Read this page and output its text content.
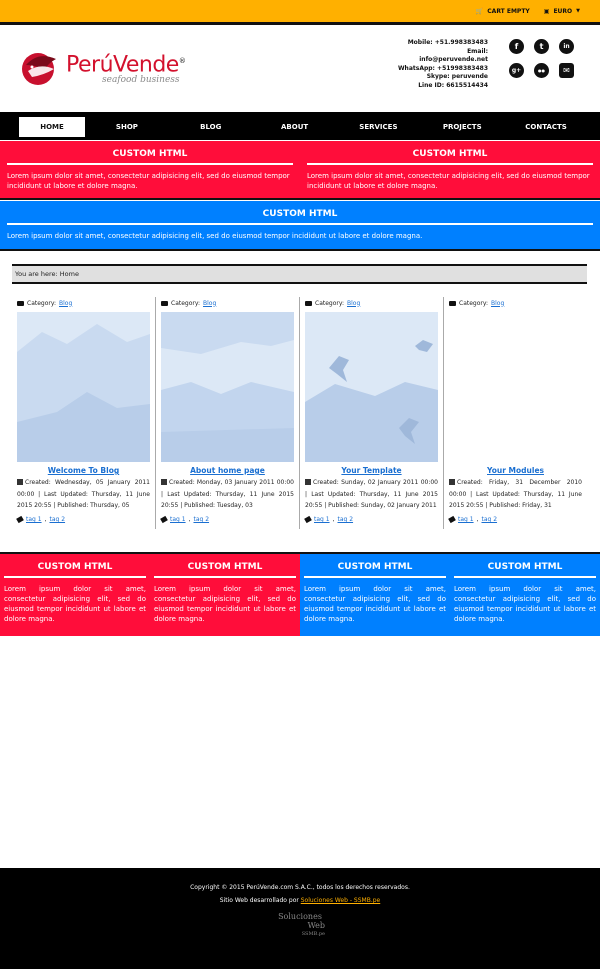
🛒 CART EMPTY ▣ EURO ▼
PerúVende®
seafood business
Mobile: +51.998383483
Email:
info@peruvende.net
WhatsApp: +51998383483
Skype: peruvende
Line ID: 6615514434
f	t	in
g+	●●	✉
HOME	SHOP	BLOG	ABOUT	SERVICES	PROJECTS	CONTACTS
CUSTOM HTML
Lorem ipsum dolor sit amet, consectetur adipisicing elit, sed do eiusmod tempor incididunt ut labore et dolore magna.
CUSTOM HTML
Lorem ipsum dolor sit amet, consectetur adipisicing elit, sed do eiusmod tempor incididunt ut labore et dolore magna.
CUSTOM HTML
Lorem ipsum dolor sit amet, consectetur adipisicing elit, sed do eiusmod tempor incididunt ut labore et dolore magna.
You are here: Home
Category: Blog
Welcome To Blog
Created: Wednesday, 05 January 2011 00:00 | Last Updated: Thursday, 11 June 2015 20:55 | Published: Thursday, 05
tag 1 , tag 2
Category: Blog
About home page
Created: Monday, 03 January 2011 00:00 | Last Updated: Thursday, 11 June 2015 20:55 | Published: Tuesday, 03
tag 1 , tag 2
Category: Blog
Your Template
Created: Sunday, 02 January 2011 00:00 | Last Updated: Thursday, 11 June 2015 20:55 | Published: Sunday, 02 January 2011
tag 1 , tag 2
Category: Blog
Your Modules
Created: Friday, 31 December 2010 00:00 | Last Updated: Thursday, 11 June 2015 20:55 | Published: Friday, 31
tag 1 , tag 2
CUSTOM HTML
Lorem ipsum dolor sit amet, consectetur adipisicing elit, sed do eiusmod tempor incididunt ut labore et dolore magna.
CUSTOM HTML
Lorem ipsum dolor sit amet, consectetur adipisicing elit, sed do eiusmod tempor incididunt ut labore et dolore magna.
CUSTOM HTML
Lorem ipsum dolor sit amet, consectetur adipisicing elit, sed do eiusmod tempor incididunt ut labore et dolore magna.
CUSTOM HTML
Lorem ipsum dolor sit amet, consectetur adipisicing elit, sed do eiusmod tempor incididunt ut labore et dolore magna.
Copyright © 2015 PerúVende.com S.A.C., todos los derechos reservados.
Sitio Web desarrollado por Soluciones Web - SSMB.pe
Soluciones
Web
SSMB.pe
